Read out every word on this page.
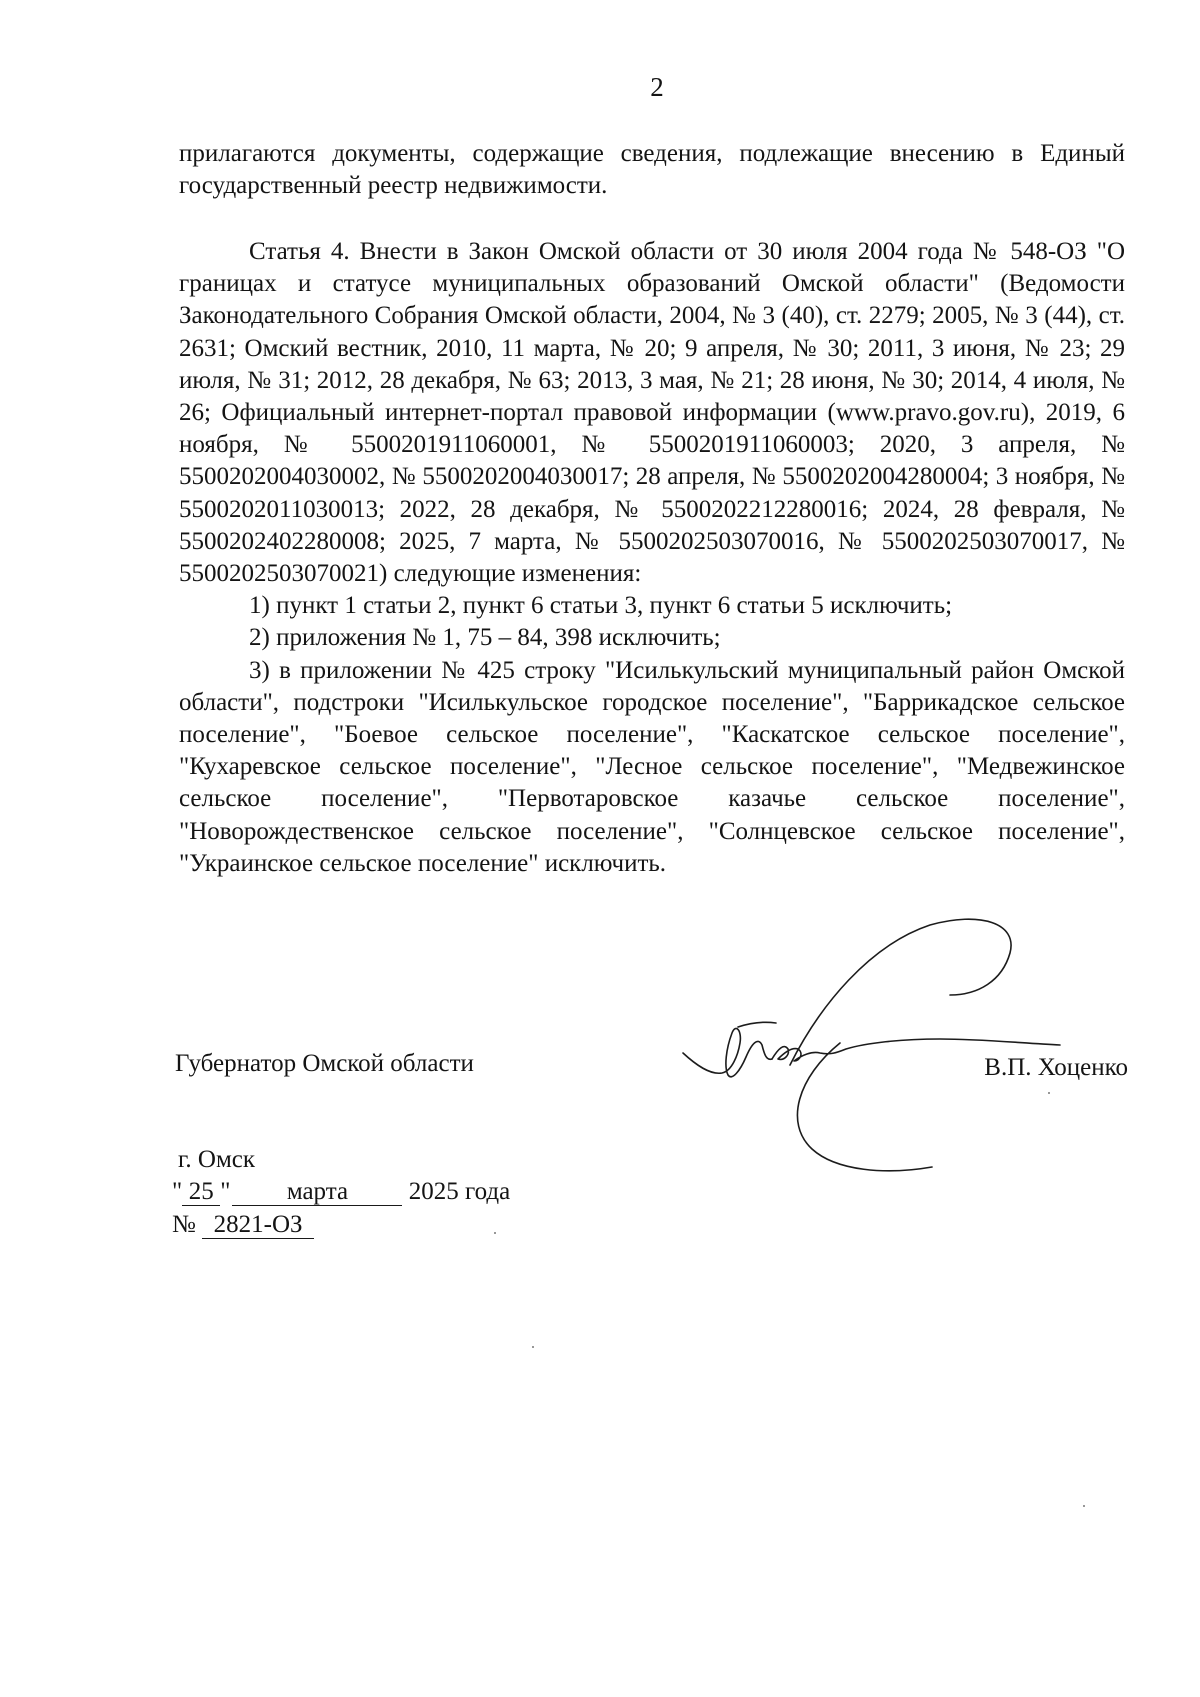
2

прилагаются документы, содержащие сведения, подлежащие внесению в Единый государственный реестр недвижимости.

Статья 4. Внести в Закон Омской области от 30 июля 2004 года № 548-ОЗ "О границах и статусе муниципальных образований Омской области" (Ведомости Законодательного Собрания Омской области, 2004, № 3 (40), ст. 2279; 2005, № 3 (44), ст. 2631; Омский вестник, 2010, 11 марта, № 20; 9 апреля, № 30; 2011, 3 июня, № 23; 29 июля, № 31; 2012, 28 декабря, № 63; 2013, 3 мая, № 21; 28 июня, № 30; 2014, 4 июля, № 26; Официальный интернет-портал правовой информации (www.pravo.gov.ru), 2019, 6 ноября, № 5500201911060001, № 5500201911060003; 2020, 3 апреля, № 5500202004030002, № 5500202004030017; 28 апреля, № 5500202004280004; 3 ноября, № 5500202011030013; 2022, 28 декабря, № 5500202212280016; 2024, 28 февраля, № 5500202402280008; 2025, 7 марта, № 5500202503070016, № 5500202503070017, № 5500202503070021) следующие изменения:

1) пункт 1 статьи 2, пункт 6 статьи 3, пункт 6 статьи 5 исключить;

2) приложения № 1, 75 – 84, 398 исключить;

3) в приложении № 425 строку "Исилькульский муниципальный район Омской области", подстроки "Исилькульское городское поселение", "Баррикадское сельское поселение", "Боевое сельское поселение", "Каскатское сельское поселение", "Кухаревское сельское поселение", "Лесное сельское поселение", "Медвежинское сельское поселение", "Первотаровское казачье сельское поселение", "Новорождественское сельское поселение", "Солнцевское сельское поселение", "Украинское сельское поселение" исключить.

Губернатор Омской области	В.П. Хоценко
г. Омск
" 25 " марта 2025 года
№ 2821-ОЗ
